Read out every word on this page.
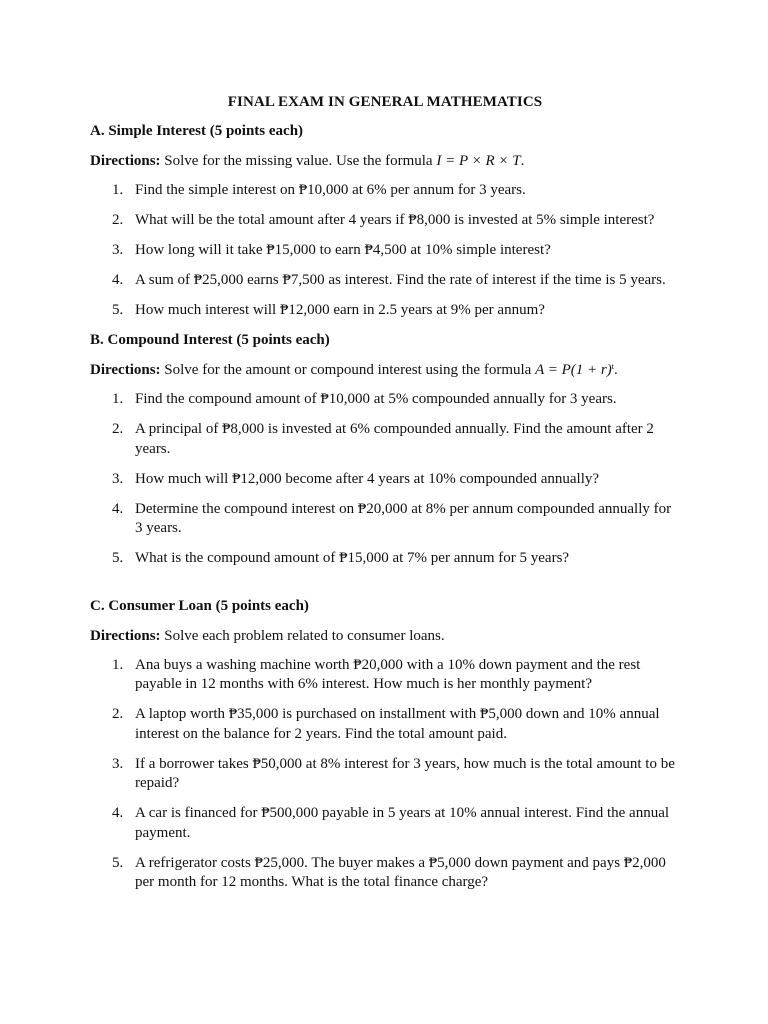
FINAL EXAM IN GENERAL MATHEMATICS
A. Simple Interest (5 points each)
Directions: Solve for the missing value. Use the formula I = P × R × T.
1. Find the simple interest on ₱10,000 at 6% per annum for 3 years.
2. What will be the total amount after 4 years if ₱8,000 is invested at 5% simple interest?
3. How long will it take ₱15,000 to earn ₱4,500 at 10% simple interest?
4. A sum of ₱25,000 earns ₱7,500 as interest. Find the rate of interest if the time is 5 years.
5. How much interest will ₱12,000 earn in 2.5 years at 9% per annum?
B. Compound Interest (5 points each)
Directions: Solve for the amount or compound interest using the formula $A = P(1 + r)^t$.
1. Find the compound amount of ₱10,000 at 5% compounded annually for 3 years.
2. A principal of ₱8,000 is invested at 6% compounded annually. Find the amount after 2 years.
3. How much will ₱12,000 become after 4 years at 10% compounded annually?
4. Determine the compound interest on ₱20,000 at 8% per annum compounded annually for 3 years.
5. What is the compound amount of ₱15,000 at 7% per annum for 5 years?
C. Consumer Loan (5 points each)
Directions: Solve each problem related to consumer loans.
1. Ana buys a washing machine worth ₱20,000 with a 10% down payment and the rest payable in 12 months with 6% interest. How much is her monthly payment?
2. A laptop worth ₱35,000 is purchased on installment with ₱5,000 down and 10% annual interest on the balance for 2 years. Find the total amount paid.
3. If a borrower takes ₱50,000 at 8% interest for 3 years, how much is the total amount to be repaid?
4. A car is financed for ₱500,000 payable in 5 years at 10% annual interest. Find the annual payment.
5. A refrigerator costs ₱25,000. The buyer makes a ₱5,000 down payment and pays ₱2,000 per month for 12 months. What is the total finance charge?
